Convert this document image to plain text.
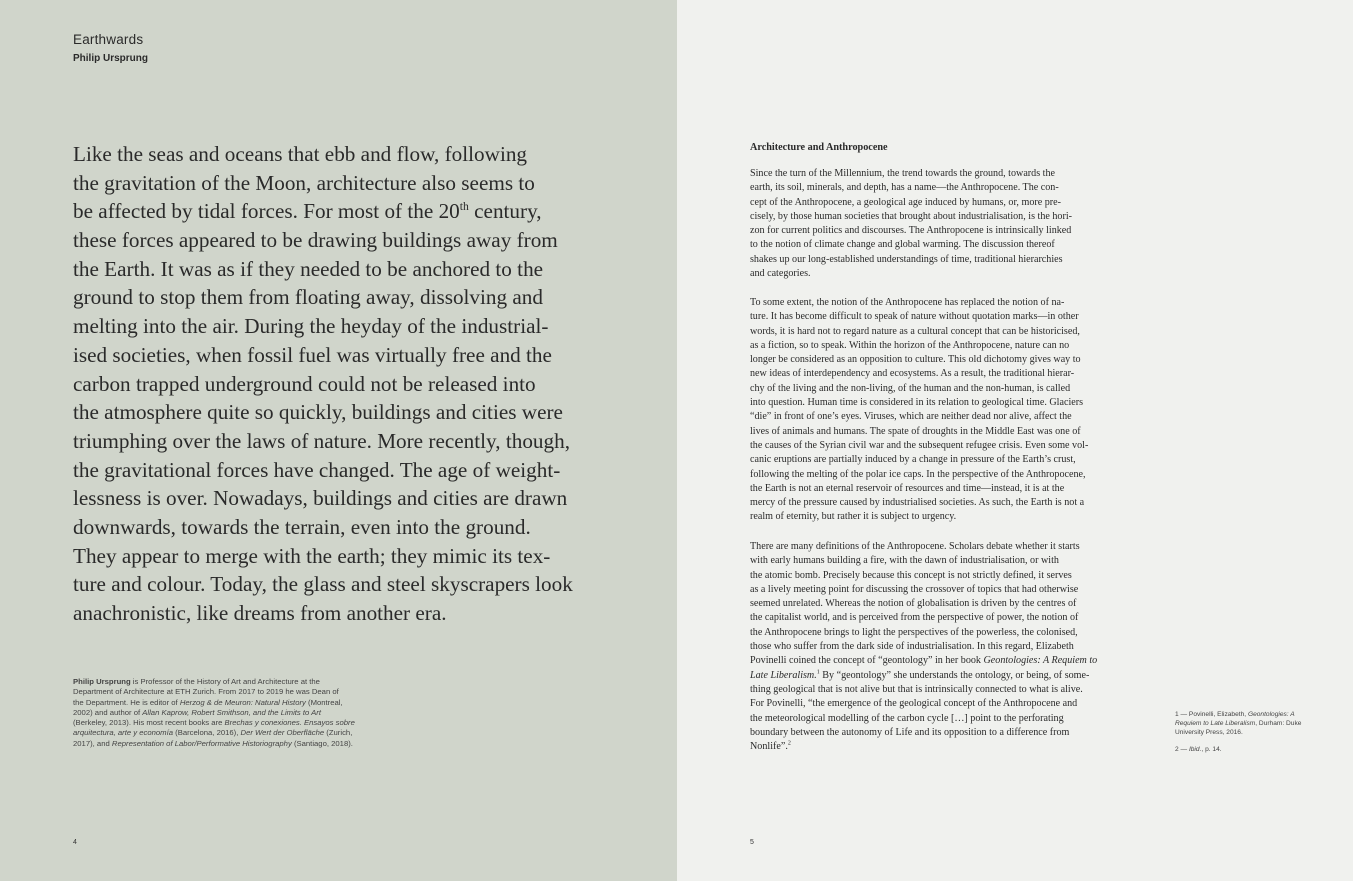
Earthwards
Philip Ursprung
Like the seas and oceans that ebb and flow, following
the gravitation of the Moon, architecture also seems to
be affected by tidal forces. For most of the 20th century,
these forces appeared to be drawing buildings away from
the Earth. It was as if they needed to be anchored to the
ground to stop them from floating away, dissolving and
melting into the air. During the heyday of the industrial-
ised societies, when fossil fuel was virtually free and the
carbon trapped underground could not be released into
the atmosphere quite so quickly, buildings and cities were
triumphing over the laws of nature. More recently, though,
the gravitational forces have changed. The age of weight-
lessness is over. Nowadays, buildings and cities are drawn
downwards, towards the terrain, even into the ground.
They appear to merge with the earth; they mimic its tex-
ture and colour. Today, the glass and steel skyscrapers look
anachronistic, like dreams from another era.
Philip Ursprung is Professor of the History of Art and Architecture at the
Department of Architecture at ETH Zurich. From 2017 to 2019 he was Dean of
the Department. He is editor of Herzog & de Meuron: Natural History (Montreal,
2002) and author of Allan Kaprow, Robert Smithson, and the Limits to Art
(Berkeley, 2013). His most recent books are Brechas y conexiones. Ensayos sobre
arquitectura, arte y economía (Barcelona, 2016), Der Wert der Oberfläche (Zurich,
2017), and Representation of Labor/Performative Historiography (Santiago, 2018).
4
Architecture and Anthropocene
Since the turn of the Millennium, the trend towards the ground, towards the
earth, its soil, minerals, and depth, has a name—the Anthropocene. The con-
cept of the Anthropocene, a geological age induced by humans, or, more pre-
cisely, by those human societies that brought about industrialisation, is the hori-
zon for current politics and discourses. The Anthropocene is intrinsically linked
to the notion of climate change and global warming. The discussion thereof
shakes up our long-established understandings of time, traditional hierarchies
and categories.
To some extent, the notion of the Anthropocene has replaced the notion of na-
ture. It has become difficult to speak of nature without quotation marks—in other
words, it is hard not to regard nature as a cultural concept that can be historicised,
as a fiction, so to speak. Within the horizon of the Anthropocene, nature can no
longer be considered as an opposition to culture. This old dichotomy gives way to
new ideas of interdependency and ecosystems. As a result, the traditional hierar-
chy of the living and the non-living, of the human and the non-human, is called
into question. Human time is considered in its relation to geological time. Glaciers
“die” in front of one’s eyes. Viruses, which are neither dead nor alive, affect the
lives of animals and humans. The spate of droughts in the Middle East was one of
the causes of the Syrian civil war and the subsequent refugee crisis. Even some vol-
canic eruptions are partially induced by a change in pressure of the Earth’s crust,
following the melting of the polar ice caps. In the perspective of the Anthropocene,
the Earth is not an eternal reservoir of resources and time—instead, it is at the
mercy of the pressure caused by industrialised societies. As such, the Earth is not a
realm of eternity, but rather it is subject to urgency.
There are many definitions of the Anthropocene. Scholars debate whether it starts
with early humans building a fire, with the dawn of industrialisation, or with
the atomic bomb. Precisely because this concept is not strictly defined, it serves
as a lively meeting point for discussing the crossover of topics that had otherwise
seemed unrelated. Whereas the notion of globalisation is driven by the centres of
the capitalist world, and is perceived from the perspective of power, the notion of
the Anthropocene brings to light the perspectives of the powerless, the colonised,
those who suffer from the dark side of industrialisation. In this regard, Elizabeth
Povinelli coined the concept of “geontology” in her book Geontologies: A Requiem to
Late Liberalism.$^1$ By “geontology” she understands the ontology, or being, of some-
thing geological that is not alive but that is intrinsically connected to what is alive.
For Povinelli, “the emergence of the geological concept of the Anthropocene and
the meteorological modelling of the carbon cycle […] point to the perforating
boundary between the autonomy of Life and its opposition to a difference from
Nonlife”.$^2$
1 — Povinelli, Elizabeth, Geontologies: A
Requiem to Late Liberalism, Durham: Duke
University Press, 2016.
2 — Ibid., p. 14.
5
